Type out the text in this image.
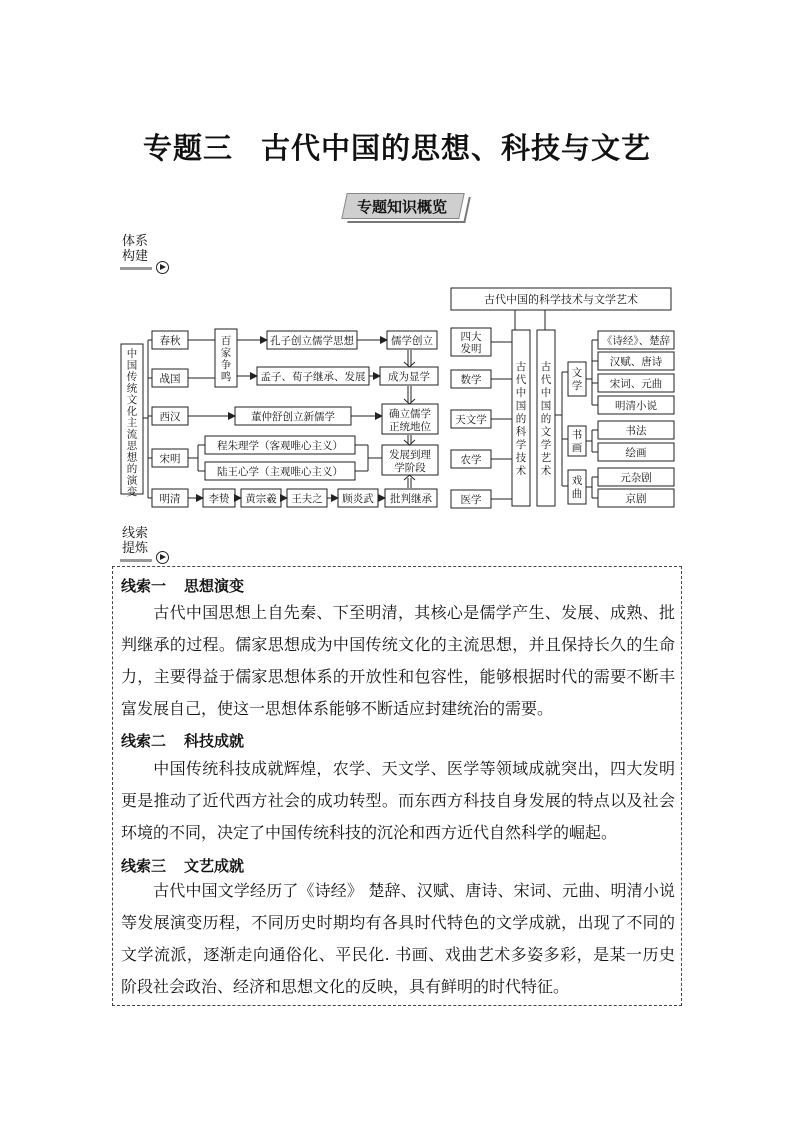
专题三 古代中国的思想、科技与文艺
专题知识概览
体系
构建
中国传统文化主流思想的演变
百家争鸣
春秋
战国
西汉
宋明
明清
孔子创立儒学思想
孟子、荀子继承、发展
儒学创立
成为显学
董仲舒创立新儒学	确立儒学
正统地位
程朱理学（客观唯心主义）
陆王心学（主观唯心主义）
发展到理
学阶段
李贽 黄宗羲 王夫之 顾炎武 批判继承
古代中国的科学技术与文学艺术
四大
发明
数学
天文学
农学
医学
古代中国的科学技术
古代中国的文学艺术
文学
书画
戏曲
《诗经》、楚辞
汉赋、唐诗
宋词、元曲
明清小说
书法
绘画
元杂剧
京剧
线索
提炼
线索一 思想演变
古代中国思想上自先秦、下至明清，其核心是儒学产生、发展、成熟、批判继承的过程。儒家思想成为中国传统文化的主流思想，并且保持长久的生命力，主要得益于儒家思想体系的开放性和包容性，能够根据时代的需要不断丰富发展自己，使这一思想体系能够不断适应封建统治的需要。
线索二 科技成就
中国传统科技成就辉煌，农学、天文学、医学等领域成就突出，四大发明更是推动了近代西方社会的成功转型。而东西方科技自身发展的特点以及社会环境的不同，决定了中国传统科技的沉沦和西方近代自然科学的崛起。
线索三 文艺成就
古代中国文学经历了《诗经》 楚辞、汉赋、唐诗、宋词、元曲、明清小说等发展演变历程，不同历史时期均有各具时代特色的文学成就，出现了不同的文学流派，逐渐走向通俗化、平民化. 书画、戏曲艺术多姿多彩，是某一历史阶段社会政治、经济和思想文化的反映，具有鲜明的时代特征。
